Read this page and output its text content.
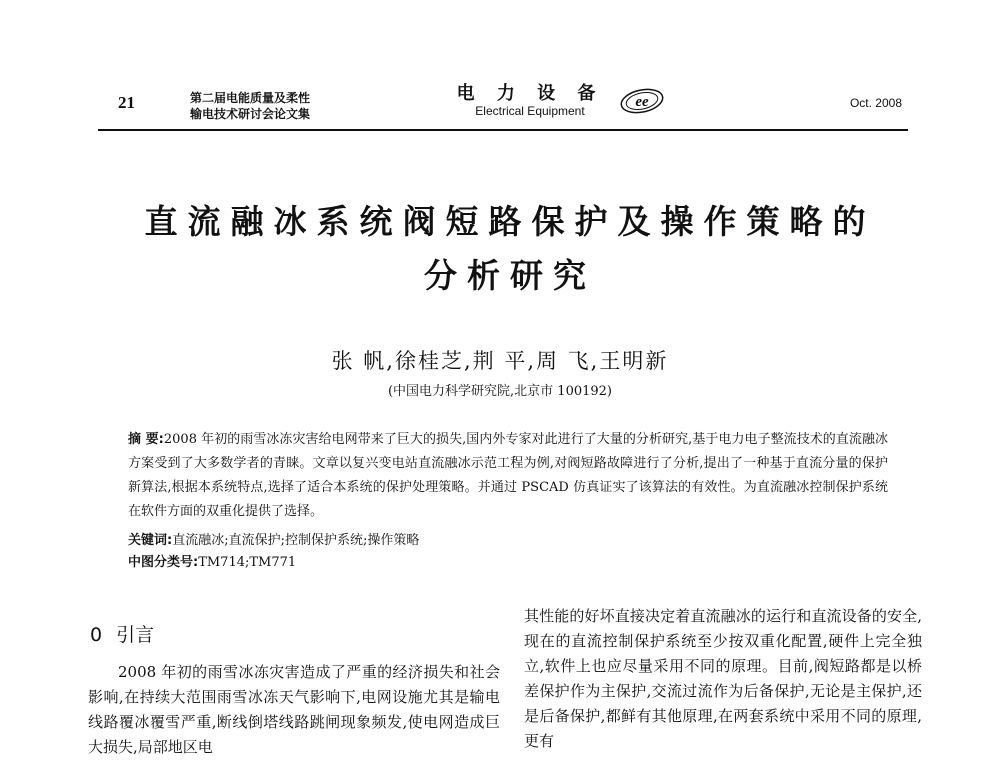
21	第二届电能质量及柔性
输电技术研讨会论文集
电 力 设 备
Electrical Equipment
ee	Oct. 2008
直流融冰系统阀短路保护及操作策略的
分析研究
张 帆,徐桂芝,荆 平,周 飞,王明新
(中国电力科学研究院,北京市 100192)
摘 要:2008 年初的雨雪冰冻灾害给电网带来了巨大的损失,国内外专家对此进行了大量的分析研究,基于电力电子整流技术的直流融冰方案受到了大多数学者的青睐。文章以复兴变电站直流融冰示范工程为例,对阀短路故障进行了分析,提出了一种基于直流分量的保护新算法,根据本系统特点,选择了适合本系统的保护处理策略。并通过 PSCAD 仿真证实了该算法的有效性。为直流融冰控制保护系统在软件方面的双重化提供了选择。
关键词:直流融冰;直流保护;控制保护系统;操作策略
中图分类号:TM714;TM771
0 引言
2008 年初的雨雪冰冻灾害造成了严重的经济损失和社会影响,在持续大范围雨雪冰冻天气影响下,电网设施尤其是输电线路覆冰覆雪严重,断线倒塔线路跳闸现象频发,使电网造成巨大损失,局部地区电
其性能的好坏直接决定着直流融冰的运行和直流设备的安全,现在的直流控制保护系统至少按双重化配置,硬件上完全独立,软件上也应尽量采用不同的原理。目前,阀短路都是以桥差保护作为主保护,交流过流作为后备保护,无论是主保护,还是后备保护,都鲜有其他原理,在两套系统中采用不同的原理,更有
